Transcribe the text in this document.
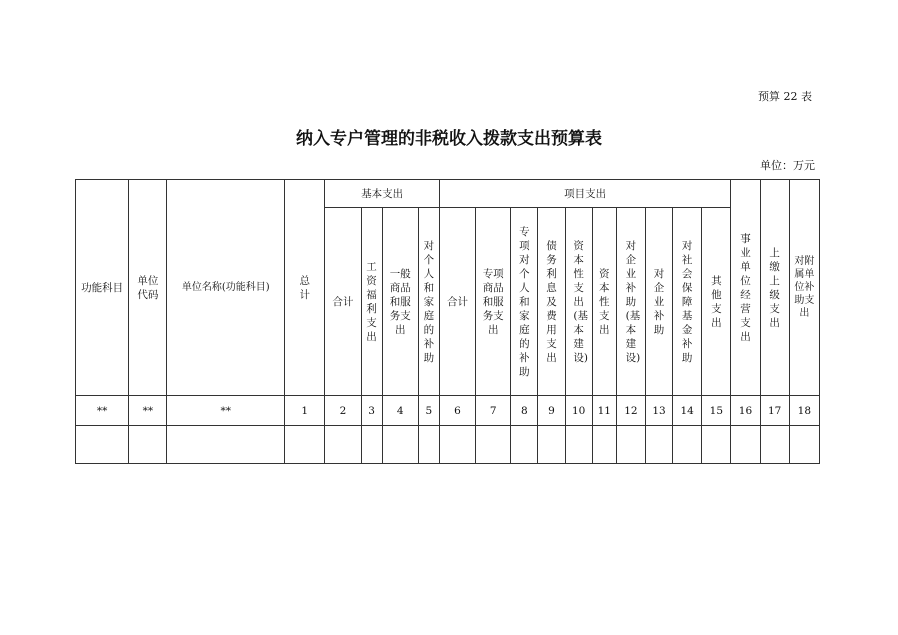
预算 22 表
纳入专户管理的非税收入拨款支出预算表
单位：万元
功能科目	单位代码	单位名称(功能科目)	总计	基本支出				项目支出										事业单位经营支出	上缴上级支出	对附属单位补助支出

				合计	工资福利支出	一般商品和服务支出	对个人和家庭的补助	合计	专项商品和服务支出	专项对个人和家庭的补助	债务利息及费用支出	资本性支出(基本建设)	资本性支出	对企业补助(基本建设)	对企业补助	对社会保障基金补助	其他支出			

**	**	**	1	2	3	4	5	6	7	8	9	10	11	12	13	14	15	16	17	18
